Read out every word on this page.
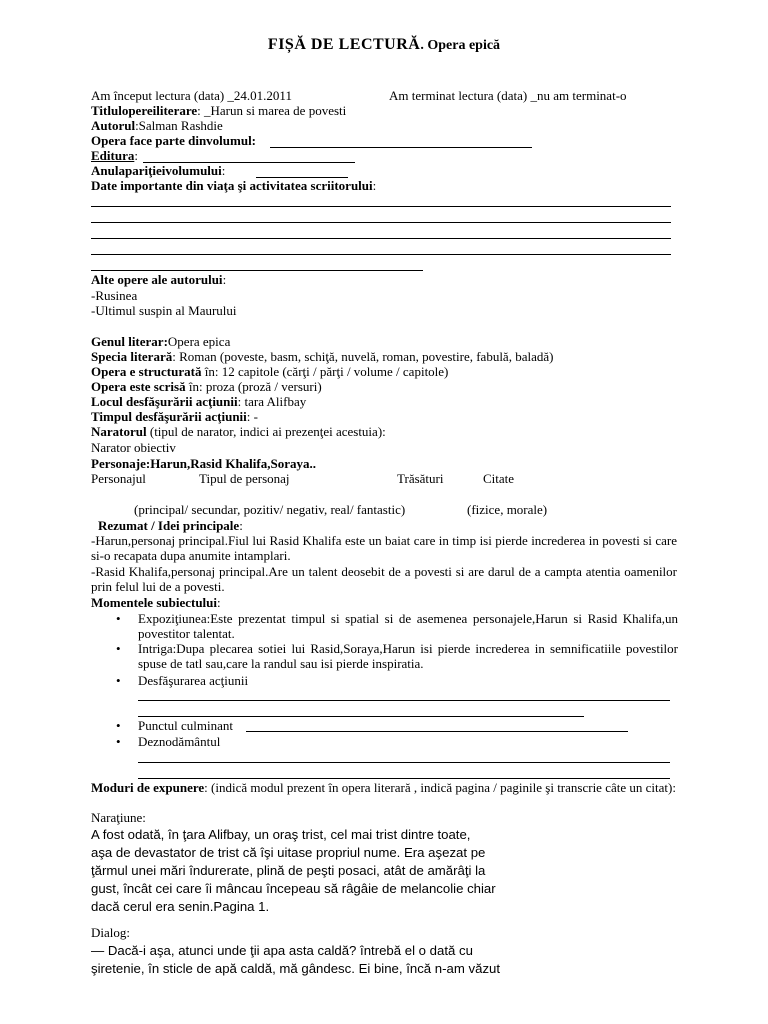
FIȘĂ DE LECTURĂ. Opera epică
Am început lectura (data) _24.01.2011	Am terminat lectura (data) _nu am terminat-o
Titlulopereiliterare: _Harun si marea de povesti
Autorul:Salman Rashdie
Opera face parte dinvolumul:
Editura:
Anulapariţieivolumului:
Date importante din viaţa şi activitatea scriitorului:
Alte opere ale autorului:
-Rusinea
-Ultimul suspin al Maurului
Genul literar:Opera epica
Specia literară: Roman (poveste, basm, schiţă, nuvelă, roman, povestire, fabulă, baladă)
Opera e structurată în: 12 capitole (cărţi / părţi / volume / capitole)
Opera este scrisă în: proza (proză / versuri)
Locul desfăşurării acţiunii: tara Alifbay
Timpul desfăşurării acţiunii: -
Naratorul (tipul de narator, indici ai prezenţei acestuia):
Narator obiectiv
Personaje:Harun,Rasid Khalifa,Soraya..
Personajul	Tipul de personaj	Trăsături	Citate
(principal/ secundar, pozitiv/ negativ, real/ fantastic)	(fizice, morale)
Rezumat / Idei principale:
-Harun,personaj principal.Fiul lui Rasid Khalifa este un baiat care in timp isi pierde increderea in povesti si care si-o recapata dupa anumite intamplari.
-Rasid Khalifa,personaj principal.Are un talent deosebit de a povesti si are darul de a campta atentia oamenilor prin felul lui de a povesti.
Momentele subiectului:
• Expoziţiunea:Este prezentat timpul si spatial si de asemenea personajele,Harun si Rasid Khalifa,un povestitor talentat.
• Intriga:Dupa plecarea sotiei lui Rasid,Soraya,Harun isi pierde increderea in semnificatiile povestilor spuse de tatl sau,care la randul sau isi pierde inspiratia.
• Desfăşurarea acţiunii
• Punctul culminant
• Deznodământul
Moduri de expunere: (indică modul prezent în opera literară , indică pagina / paginile şi transcrie câte un citat):
Naraţiune:
A fost odată, în ţara Alifbay, un oraş trist, cel mai trist dintre toate,
aşa de devastator de trist că îşi uitase propriul nume. Era aşezat pe
ţărmul unei mări îndurerate, plină de peşti posaci, atât de amărâţi la
gust, încât cei care îi mâncau începeau să râgâie de melancolie chiar
dacă cerul era senin.Pagina 1.
Dialog:
— Dacă-i aşa, atunci unde ţii apa asta caldă? întrebă el o dată cu
şiretenie, în sticle de apă caldă, mă gândesc. Ei bine, încă n-am văzut
